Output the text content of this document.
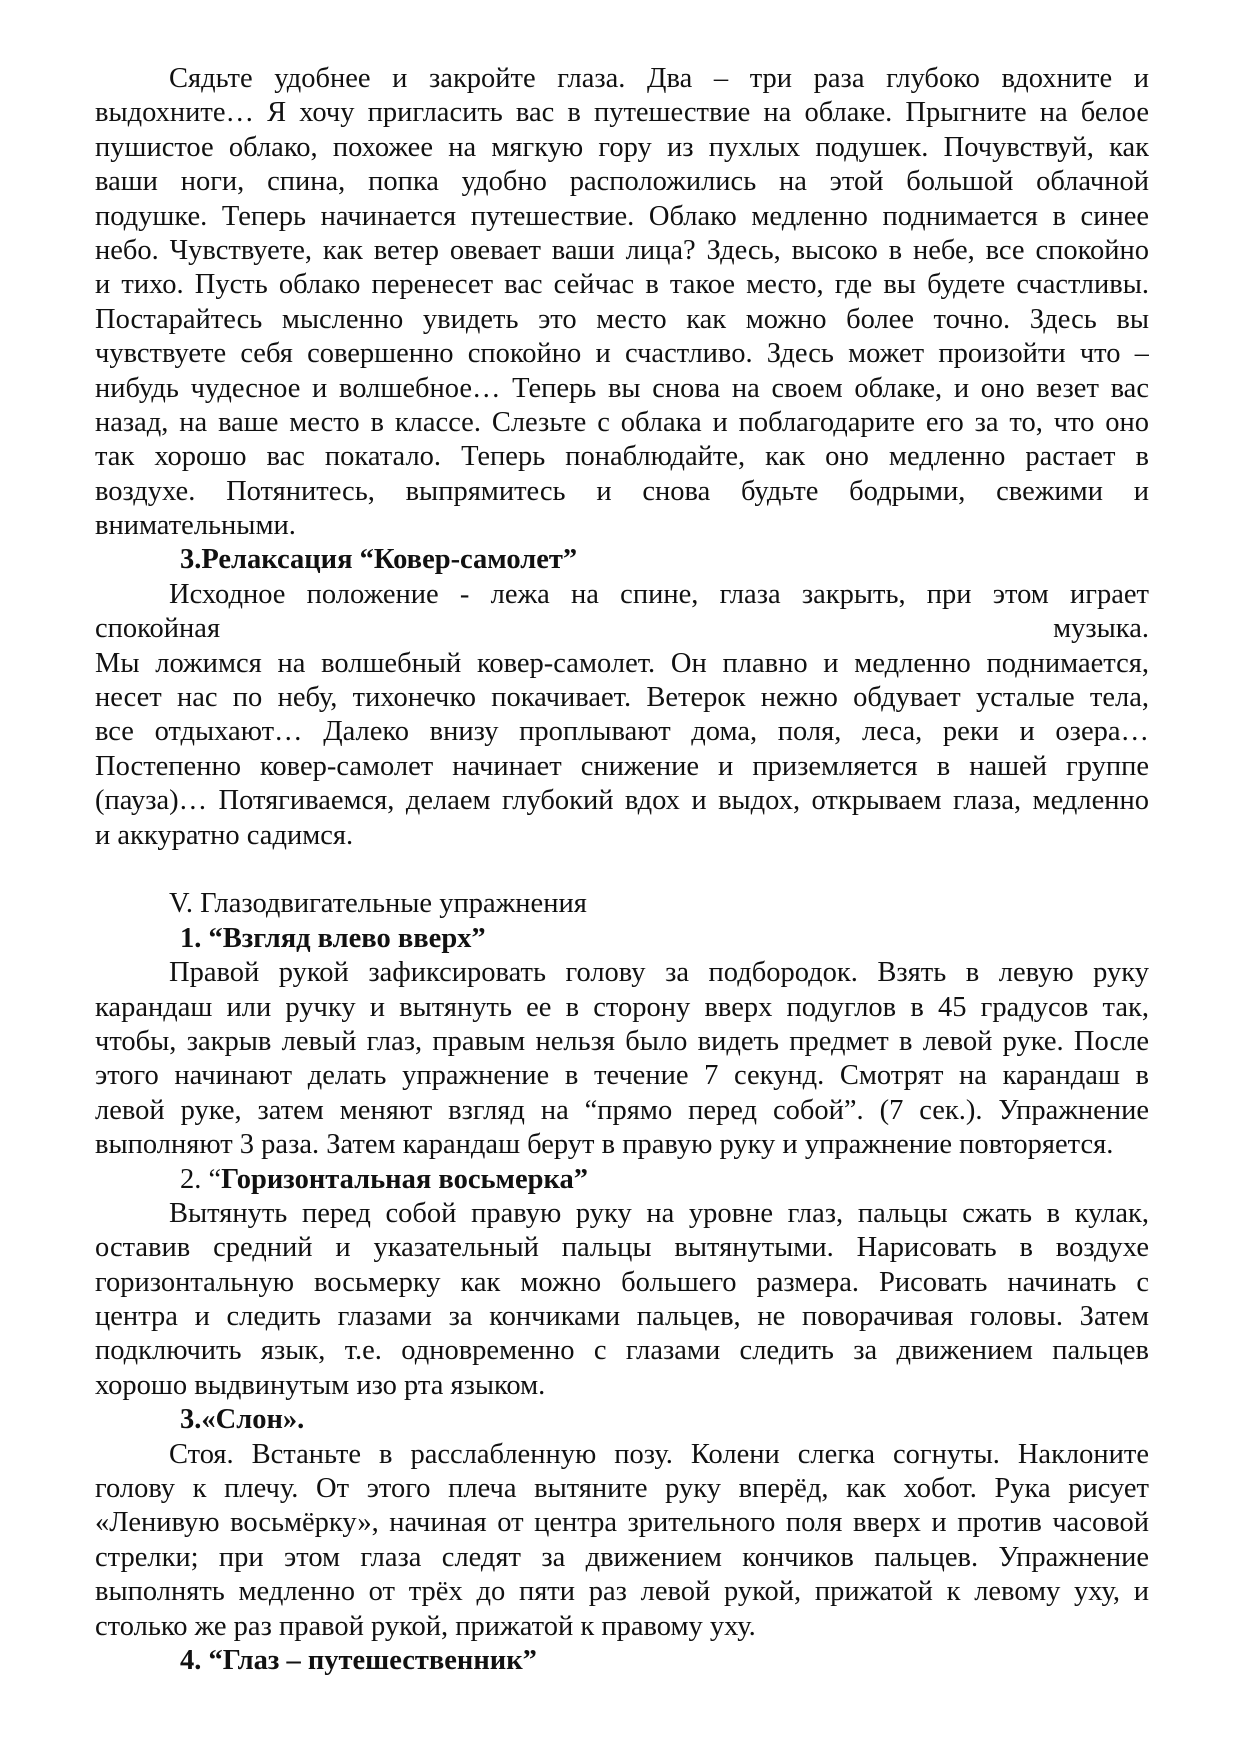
Сядьте удобнее и закройте глаза. Два – три раза глубоко вдохните и
выдохните… Я хочу пригласить вас в путешествие на облаке. Прыгните на белое
пушистое облако, похожее на мягкую гору из пухлых подушек. Почувствуй, как
ваши ноги, спина, попка удобно расположились на этой большой облачной
подушке. Теперь начинается путешествие. Облако медленно поднимается в синее
небо. Чувствуете, как ветер овевает ваши лица? Здесь, высоко в небе, все спокойно
и тихо. Пусть облако перенесет вас сейчас в такое место, где вы будете счастливы.
Постарайтесь мысленно увидеть это место как можно более точно. Здесь вы
чувствуете себя совершенно спокойно и счастливо. Здесь может произойти что –
нибудь чудесное и волшебное… Теперь вы снова на своем облаке, и оно везет вас
назад, на ваше место в классе. Слезьте с облака и поблагодарите его за то, что оно
так хорошо вас покатало. Теперь понаблюдайте, как оно медленно растает в
воздухе. Потянитесь, выпрямитесь и снова будьте бодрыми, свежими и
внимательными.
3.Релаксация “Ковер-самолет”
Исходное положение - лежа на спине, глаза закрыть, при этом играет
спокойная музыка.
Мы ложимся на волшебный ковер-самолет. Он плавно и медленно поднимается,
несет нас по небу, тихонечко покачивает. Ветерок нежно обдувает усталые тела,
все отдыхают… Далеко внизу проплывают дома, поля, леса, реки и озера…
Постепенно ковер-самолет начинает снижение и приземляется в нашей группе
(пауза)… Потягиваемся, делаем глубокий вдох и выдох, открываем глаза, медленно
и аккуратно садимся.
V. Глазодвигательные упражнения
1. “Взгляд влево вверх”
Правой рукой зафиксировать голову за подбородок. Взять в левую руку
карандаш или ручку и вытянуть ее в сторону вверх подуглов в 45 градусов так,
чтобы, закрыв левый глаз, правым нельзя было видеть предмет в левой руке. После
этого начинают делать упражнение в течение 7 секунд. Смотрят на карандаш в
левой руке, затем меняют взгляд на “прямо перед собой”. (7 сек.). Упражнение
выполняют 3 раза. Затем карандаш берут в правую руку и упражнение повторяется.
2. “Горизонтальная восьмерка”
Вытянуть перед собой правую руку на уровне глаз, пальцы сжать в кулак,
оставив средний и указательный пальцы вытянутыми. Нарисовать в воздухе
горизонтальную восьмерку как можно большего размера. Рисовать начинать с
центра и следить глазами за кончиками пальцев, не поворачивая головы. Затем
подключить язык, т.е. одновременно с глазами следить за движением пальцев
хорошо выдвинутым изо рта языком.
3.«Слон».
Стоя. Встаньте в расслабленную позу. Колени слегка согнуты. Наклоните
голову к плечу. От этого плеча вытяните руку вперёд, как хобот. Рука рисует
«Ленивую восьмёрку», начиная от центра зрительного поля вверх и против часовой
стрелки; при этом глаза следят за движением кончиков пальцев. Упражнение
выполнять медленно от трёх до пяти раз левой рукой, прижатой к левому уху, и
столько же раз правой рукой, прижатой к правому уху.
4. “Глаз – путешественник”
